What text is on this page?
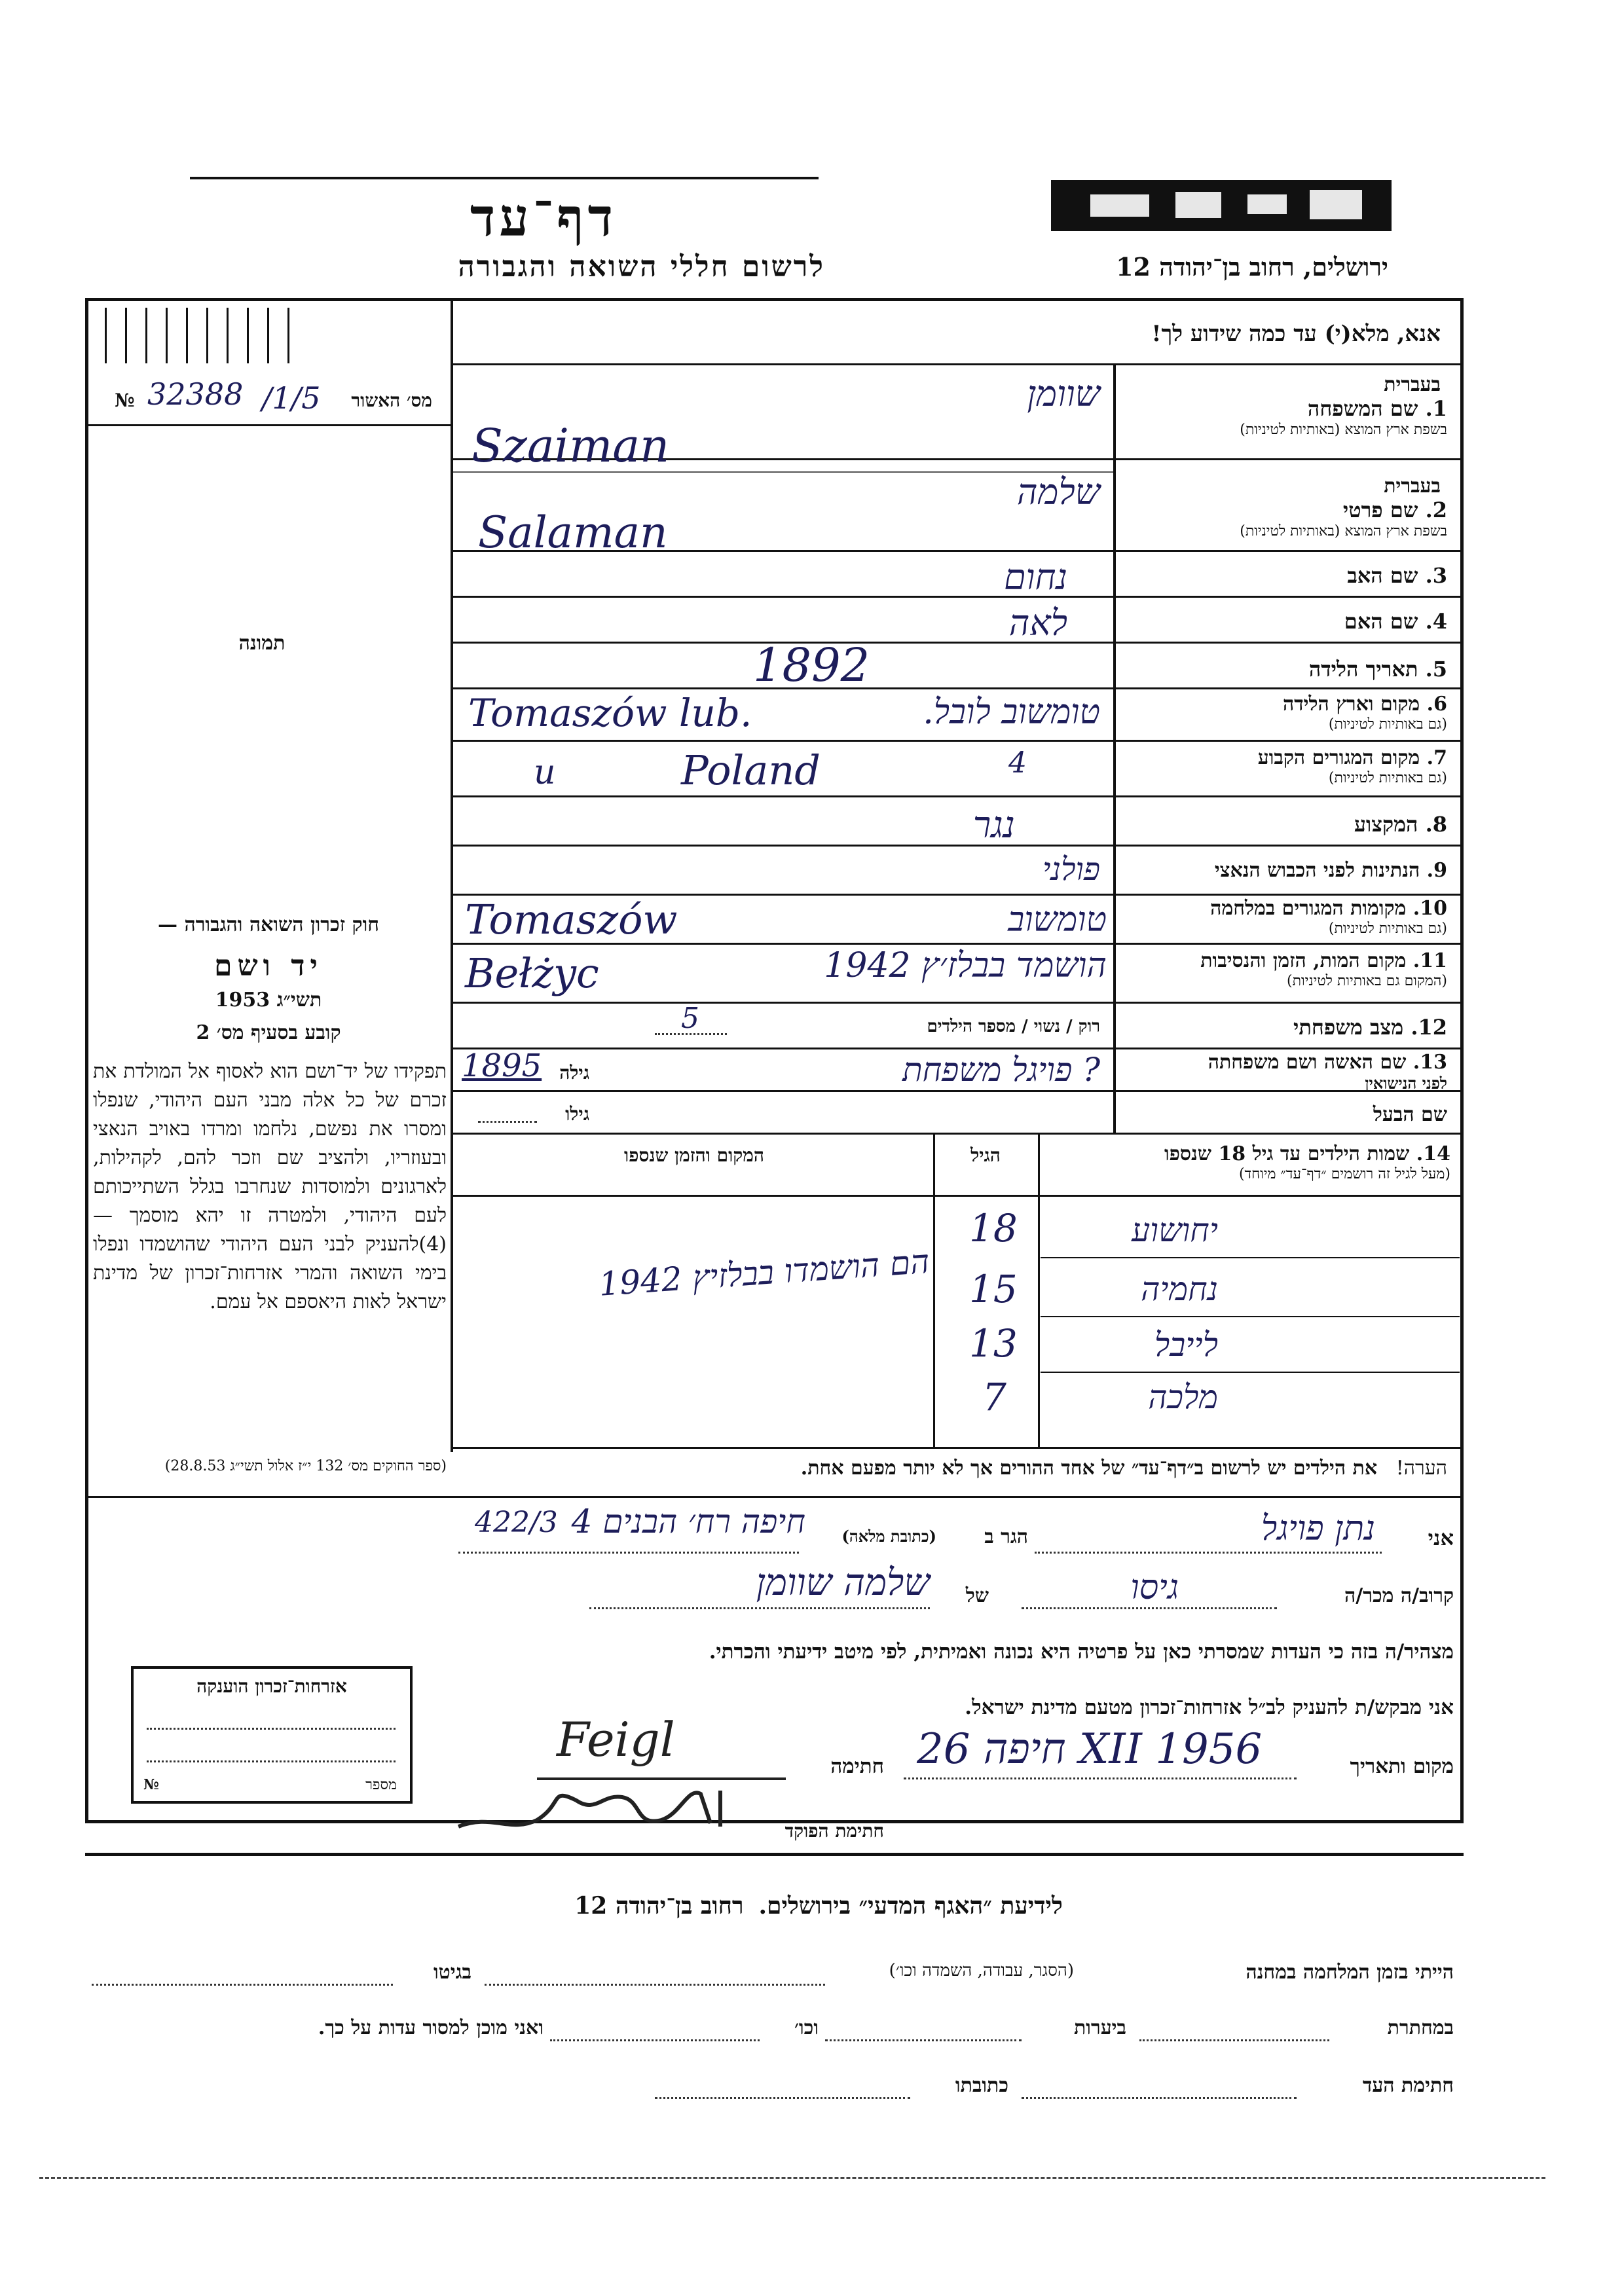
דף־עד
לרשום חללי השואה והגבורה	ירושלים, רחוב בן־יהודה 12
אנא, מלא(י) עד כמה שידוע לך!
№ 32388 /1/5 מס׳ האשור
תמונה
בעברית
1. שם המשפחה
בשפת ארץ המוצא (באותיות לטיניות)
שוומן
Szaiman
בעברית
2. שם פרטי
בשפת ארץ המוצא (באותיות לטיניות)
שלמה
Salaman
3. שם האב
נחום
4. שם האם
לאה
5. תאריך הלידה
1892
6. מקום וארץ הלידה
(גם באותיות לטיניות)
טומשוב לובל.
Tomaszów lub.
7. מקום המגורים הקבוע
(גם באותיות לטיניות)
4
Poland
u
8. המקצוע
נגר
9. הנתינות לפני הכבוש הנאצי
פולני
10. מקומות המגורים במלחמה
(גם באותיות לטיניות)
טומשוב
Tomaszów
11. מקום המות, הזמן והנסיבות
(המקום גם באותיות לטיניות)
הושמד בבלז׳ץ 1942
Bełżyc
12. מצב משפחתי
רוק / נשוי / מספר הילדים
5
13. שם האשה ושם משפחתה
לפני הנישואין
? פויגל משפחת
גילה
1895
שם הבעל
גילו
14. שמות הילדים עד גיל 18 שנספו
(מעל לגיל זה רושמים ״דף־עד״ מיוחד)
הגיל
המקום והזמן שנספו
יחושוע
18
נחמיה
15
לייבל
13
מלכה
7
הם הושמדו בבלזיץ 1942
הערה!   את הילדים יש לרשום ב״דף־עד״ של אחד ההורים אך לא יותר מפעם אחת.
חוק זכרון השואה והגבורה —
יד ושם
תשי״ג 1953
קובע בסעיף מס׳ 2
תפקידו של יד־ושם הוא לאסוף אל המולדת את זכרם של כל אלה מבני העם היהודי, שנפלו ומסרו את נפשם, נלחמו ומרדו באויב הנאצי ובעוזריו, ולהציב שם וזכר להם, לקהילות, לארגונים ולמוסדות שנחרבו בגלל השתייכותם לעם היהודי, ולמטרה זו יהא מוסמך — (4)להעניק לבני העם היהודי שהושמדו ונפלו בימי השואה והמרי אזרחות־זכרון של מדינת ישראל לאות היאספם אל עמם.
(ספר החוקים מס׳ 132 י״ז אלול תשי״ג 28.8.53)
אני
נתן פויגל
הגר ב
(כתובת מלאה)
חיפה רח׳ הבנים 4
422/3
קרוב/ה מכר/ה
גיסו
של
שלמה שוומן
מצהיר/ה בזה כי העדות שמסרתי כאן על פרטיה היא נכונה ואמיתית, לפי מיטב ידיעתי והכרתי.
אני מבקש/ת להעניק לב״ל אזרחות־זכרון מטעם מדינת ישראל.
מקום ותאריך
חיפה 26 XII 1956
חתימה
Feigl
חתימת הפוקד
אזרחות־זכרון הוענקה
מספר
№
לידיעת ״האגף המדעי״ בירושלים.  רחוב בן־יהודה 12
הייתי בזמן המלחמה במחנה
(הסגר, עבודה, השמדה וכו׳)
בגיטו
במחתרת
ביערות
וכו׳
ואני מוכן למסור עדות על כך.
חתימת העד
כתובתו
